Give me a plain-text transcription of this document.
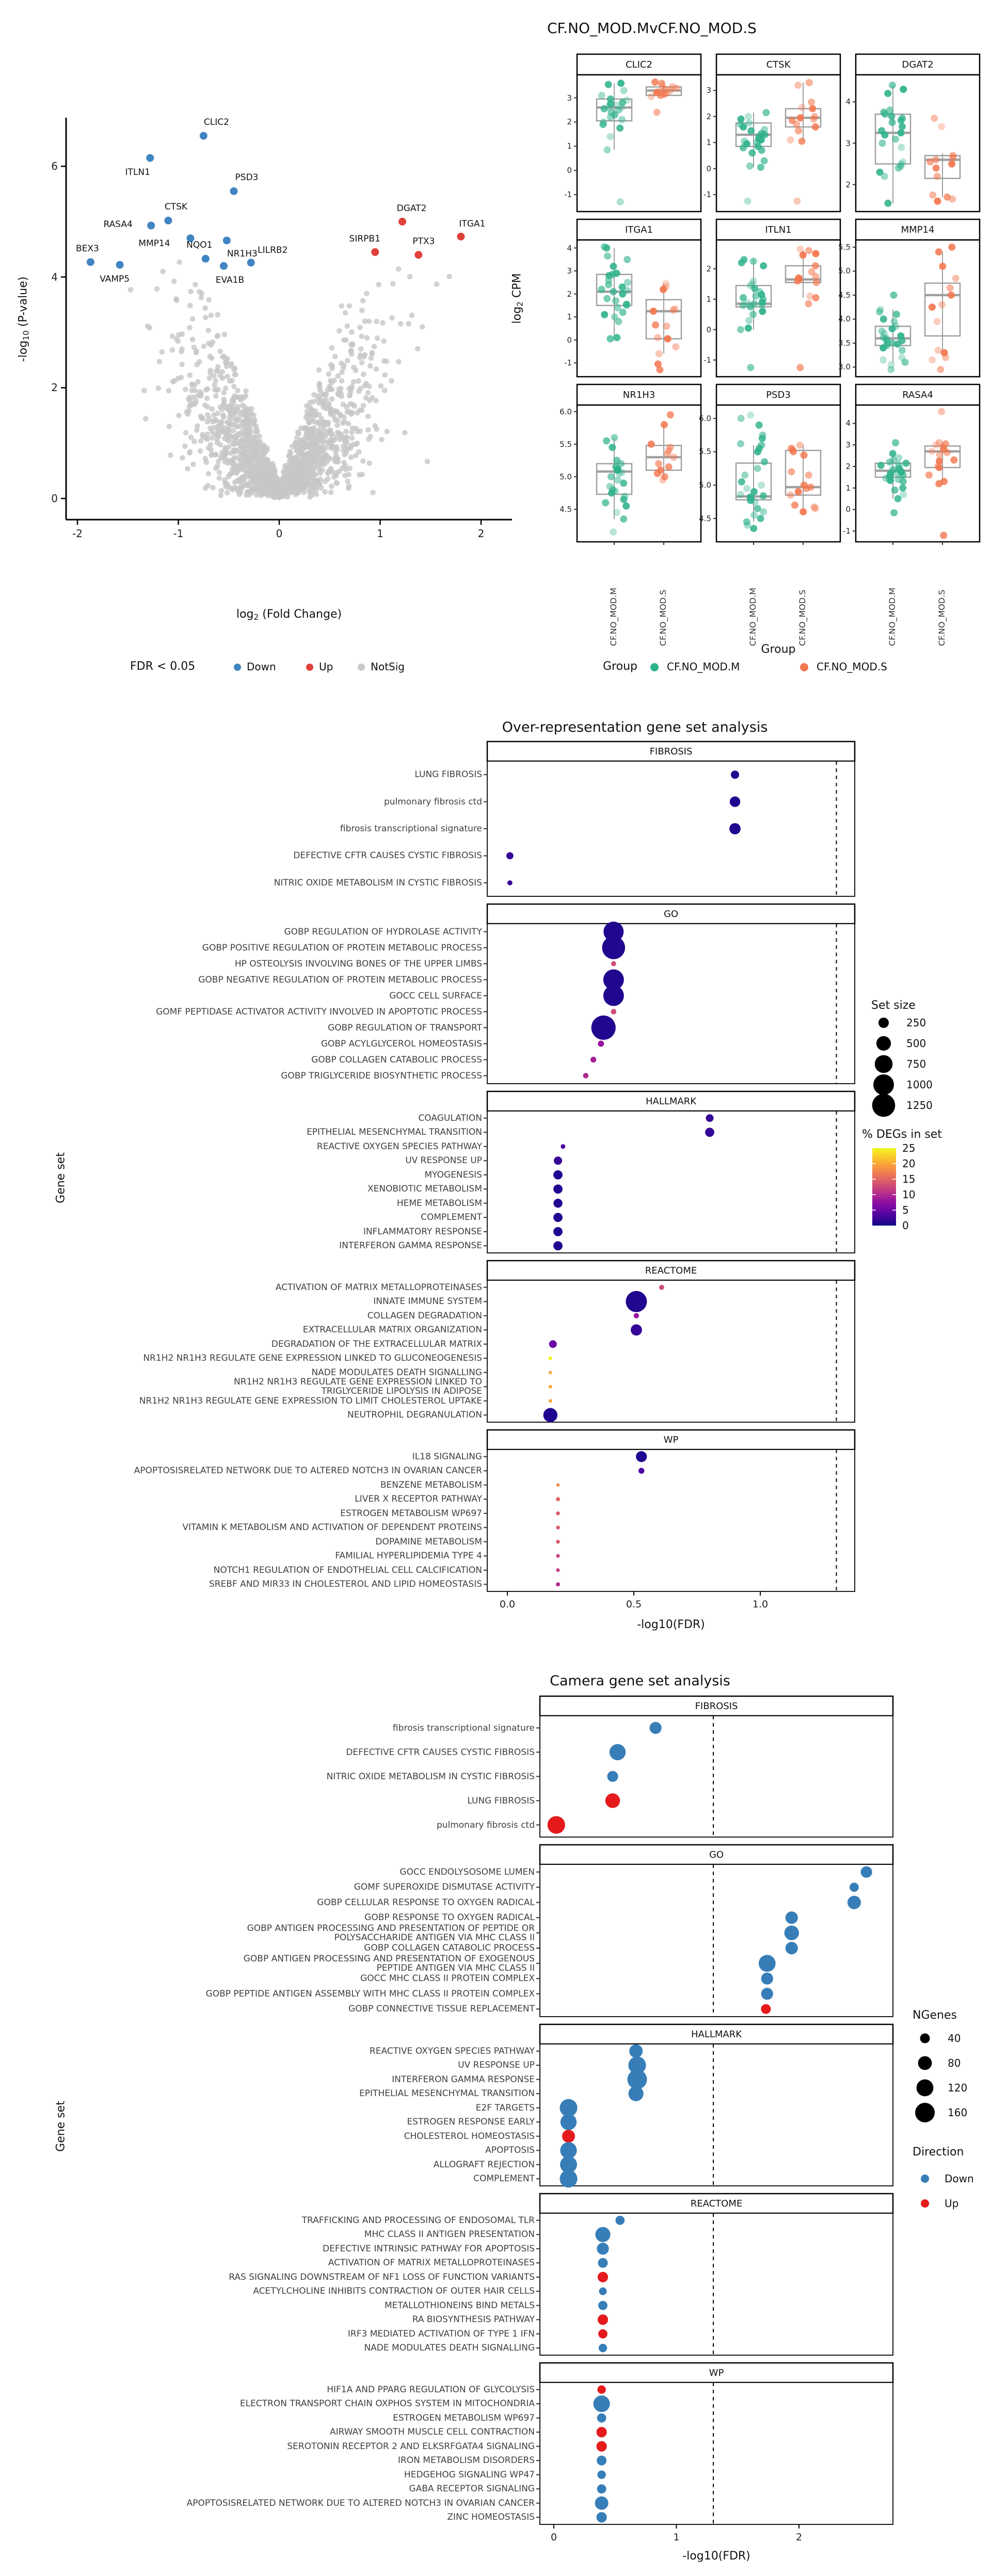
log2 (Fold Change)
-log10 (P-value)
FDR < 0.05	Down	Up	NotSig
CF.NO_MOD.MvCF.NO_MOD.S
log2 CPM
Group
Group	CF.NO_MOD.M	CF.NO_MOD.S
Over-representation gene set analysis
Gene set
-log10(FDR)
Set size
% DEGs in set
Camera gene set analysis
Gene set
-log10(FDR)
NGenes
Direction
Down
Up
-2	-1	0	1	2
0
2
4
6
CLIC2
ITLN1
PSD3
CTSK
RASA4
MMP14
NR1H3
NQO1
BEX3
VAMP5	EVA1B
LILRB2
DGAT2
SIRPB1	PTX3
ITGA1
CLIC2
-1
0
1
2
3
CTSK
-1
0
1
2
3
DGAT2
2
3
4
ITGA1
-1
0
1
2
3
4
ITLN1
-1
0
1
2
MMP14
3.0
3.5
4.0
4.5
5.0
5.5
NR1H3
4.5
5.0
5.5
6.0
CF.NO_MOD.M	CF.NO_MOD.S
PSD3
4.5
5.0
5.5
6.0
CF.NO_MOD.M	CF.NO_MOD.S
RASA4
-1
0
1
2
3
4
CF.NO_MOD.M	CF.NO_MOD.S
FIBROSIS
LUNG FIBROSIS
pulmonary fibrosis ctd
fibrosis transcriptional signature
DEFECTIVE CFTR CAUSES CYSTIC FIBROSIS
NITRIC OXIDE METABOLISM IN CYSTIC FIBROSIS
GO
GOBP REGULATION OF HYDROLASE ACTIVITY
GOBP POSITIVE REGULATION OF PROTEIN METABOLIC PROCESS
HP OSTEOLYSIS INVOLVING BONES OF THE UPPER LIMBS
GOBP NEGATIVE REGULATION OF PROTEIN METABOLIC PROCESS
GOCC CELL SURFACE
GOMF PEPTIDASE ACTIVATOR ACTIVITY INVOLVED IN APOPTOTIC PROCESS
GOBP REGULATION OF TRANSPORT
GOBP ACYLGLYCEROL HOMEOSTASIS
GOBP COLLAGEN CATABOLIC PROCESS
GOBP TRIGLYCERIDE BIOSYNTHETIC PROCESS
HALLMARK
COAGULATION
EPITHELIAL MESENCHYMAL TRANSITION
REACTIVE OXYGEN SPECIES PATHWAY
UV RESPONSE UP
MYOGENESIS
XENOBIOTIC METABOLISM
HEME METABOLISM
COMPLEMENT
INFLAMMATORY RESPONSE
INTERFERON GAMMA RESPONSE
REACTOME
ACTIVATION OF MATRIX METALLOPROTEINASES
INNATE IMMUNE SYSTEM
COLLAGEN DEGRADATION
EXTRACELLULAR MATRIX ORGANIZATION
DEGRADATION OF THE EXTRACELLULAR MATRIX
NR1H2 NR1H3 REGULATE GENE EXPRESSION LINKED TO GLUCONEOGENESIS
NADE MODULATES DEATH SIGNALLING
NR1H2 NR1H3 REGULATE GENE EXPRESSION LINKED TO TRIGLYCERIDE LIPOLYSIS IN ADIPOSE
NR1H2 NR1H3 REGULATE GENE EXPRESSION TO LIMIT CHOLESTEROL UPTAKE
NEUTROPHIL DEGRANULATION
WP
IL18 SIGNALING
APOPTOSISRELATED NETWORK DUE TO ALTERED NOTCH3 IN OVARIAN CANCER
BENZENE METABOLISM
LIVER X RECEPTOR PATHWAY
ESTROGEN METABOLISM WP697
VITAMIN K METABOLISM AND ACTIVATION OF DEPENDENT PROTEINS
DOPAMINE METABOLISM
FAMILIAL HYPERLIPIDEMIA TYPE 4
NOTCH1 REGULATION OF ENDOTHELIAL CELL CALCIFICATION
SREBF AND MIR33 IN CHOLESTEROL AND LIPID HOMEOSTASIS
0.0	0.5	1.0
250
500
750
1000
1250
25
20
15
10
5
0
FIBROSIS
fibrosis transcriptional signature
DEFECTIVE CFTR CAUSES CYSTIC FIBROSIS
NITRIC OXIDE METABOLISM IN CYSTIC FIBROSIS
LUNG FIBROSIS
pulmonary fibrosis ctd
GO
GOCC ENDOLYSOSOME LUMEN
GOMF SUPEROXIDE DISMUTASE ACTIVITY
GOBP CELLULAR RESPONSE TO OXYGEN RADICAL
GOBP RESPONSE TO OXYGEN RADICAL
GOBP ANTIGEN PROCESSING AND PRESENTATION OF PEPTIDE OR POLYSACCHARIDE ANTIGEN VIA MHC CLASS II
GOBP COLLAGEN CATABOLIC PROCESS
GOBP ANTIGEN PROCESSING AND PRESENTATION OF EXOGENOUS PEPTIDE ANTIGEN VIA MHC CLASS II
GOCC MHC CLASS II PROTEIN COMPLEX
GOBP PEPTIDE ANTIGEN ASSEMBLY WITH MHC CLASS II PROTEIN COMPLEX
GOBP CONNECTIVE TISSUE REPLACEMENT
HALLMARK
REACTIVE OXYGEN SPECIES PATHWAY
UV RESPONSE UP
INTERFERON GAMMA RESPONSE
EPITHELIAL MESENCHYMAL TRANSITION
E2F TARGETS
ESTROGEN RESPONSE EARLY
CHOLESTEROL HOMEOSTASIS
APOPTOSIS
ALLOGRAFT REJECTION
COMPLEMENT
REACTOME
TRAFFICKING AND PROCESSING OF ENDOSOMAL TLR
MHC CLASS II ANTIGEN PRESENTATION
DEFECTIVE INTRINSIC PATHWAY FOR APOPTOSIS
ACTIVATION OF MATRIX METALLOPROTEINASES
RAS SIGNALING DOWNSTREAM OF NF1 LOSS OF FUNCTION VARIANTS
ACETYLCHOLINE INHIBITS CONTRACTION OF OUTER HAIR CELLS
METALLOTHIONEINS BIND METALS
RA BIOSYNTHESIS PATHWAY
IRF3 MEDIATED ACTIVATION OF TYPE 1 IFN
NADE MODULATES DEATH SIGNALLING
WP
HIF1A AND PPARG REGULATION OF GLYCOLYSIS
ELECTRON TRANSPORT CHAIN OXPHOS SYSTEM IN MITOCHONDRIA
ESTROGEN METABOLISM WP697
AIRWAY SMOOTH MUSCLE CELL CONTRACTION
SEROTONIN RECEPTOR 2 AND ELKSRFGATA4 SIGNALING
IRON METABOLISM DISORDERS
HEDGEHOG SIGNALING WP47
GABA RECEPTOR SIGNALING
APOPTOSISRELATED NETWORK DUE TO ALTERED NOTCH3 IN OVARIAN CANCER
ZINC HOMEOSTASIS
0	1	2
40
80
120
160
